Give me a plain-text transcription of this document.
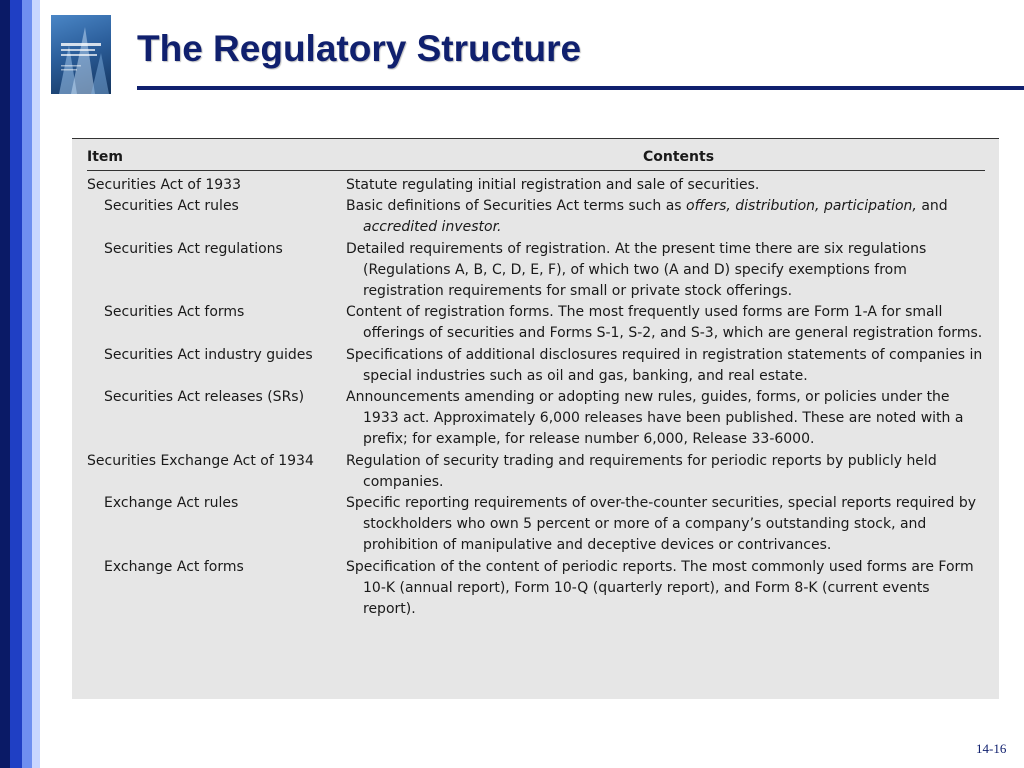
The Regulatory Structure
Item	Contents
Securities Act of 1933	Statute regulating initial registration and sale of securities.
Securities Act rules	Basic definitions of Securities Act terms such as offers, distribution, participation, and accredited investor.
Securities Act regulations	Detailed requirements of registration. At the present time there are six regulations (Regulations A, B, C, D, E, F), of which two (A and D) specify exemptions from registration requirements for small or private stock offerings.
Securities Act forms	Content of registration forms. The most frequently used forms are Form 1-A for small offerings of securities and Forms S-1, S-2, and S-3, which are general registration forms.
Securities Act industry guides	Specifications of additional disclosures required in registration statements of companies in special industries such as oil and gas, banking, and real estate.
Securities Act releases (SRs)	Announcements amending or adopting new rules, guides, forms, or policies under the 1933 act. Approximately 6,000 releases have been published. These are noted with a prefix; for example, for release number 6,000, Release 33-6000.
Securities Exchange Act of 1934	Regulation of security trading and requirements for periodic reports by publicly held companies.
Exchange Act rules	Specific reporting requirements of over-the-counter securities, special reports required by stockholders who own 5 percent or more of a company’s outstanding stock, and prohibition of manipulative and deceptive devices or contrivances.
Exchange Act forms	Specification of the content of periodic reports. The most commonly used forms are Form 10-K (annual report), Form 10-Q (quarterly report), and Form 8-K (current events report).
14-16
